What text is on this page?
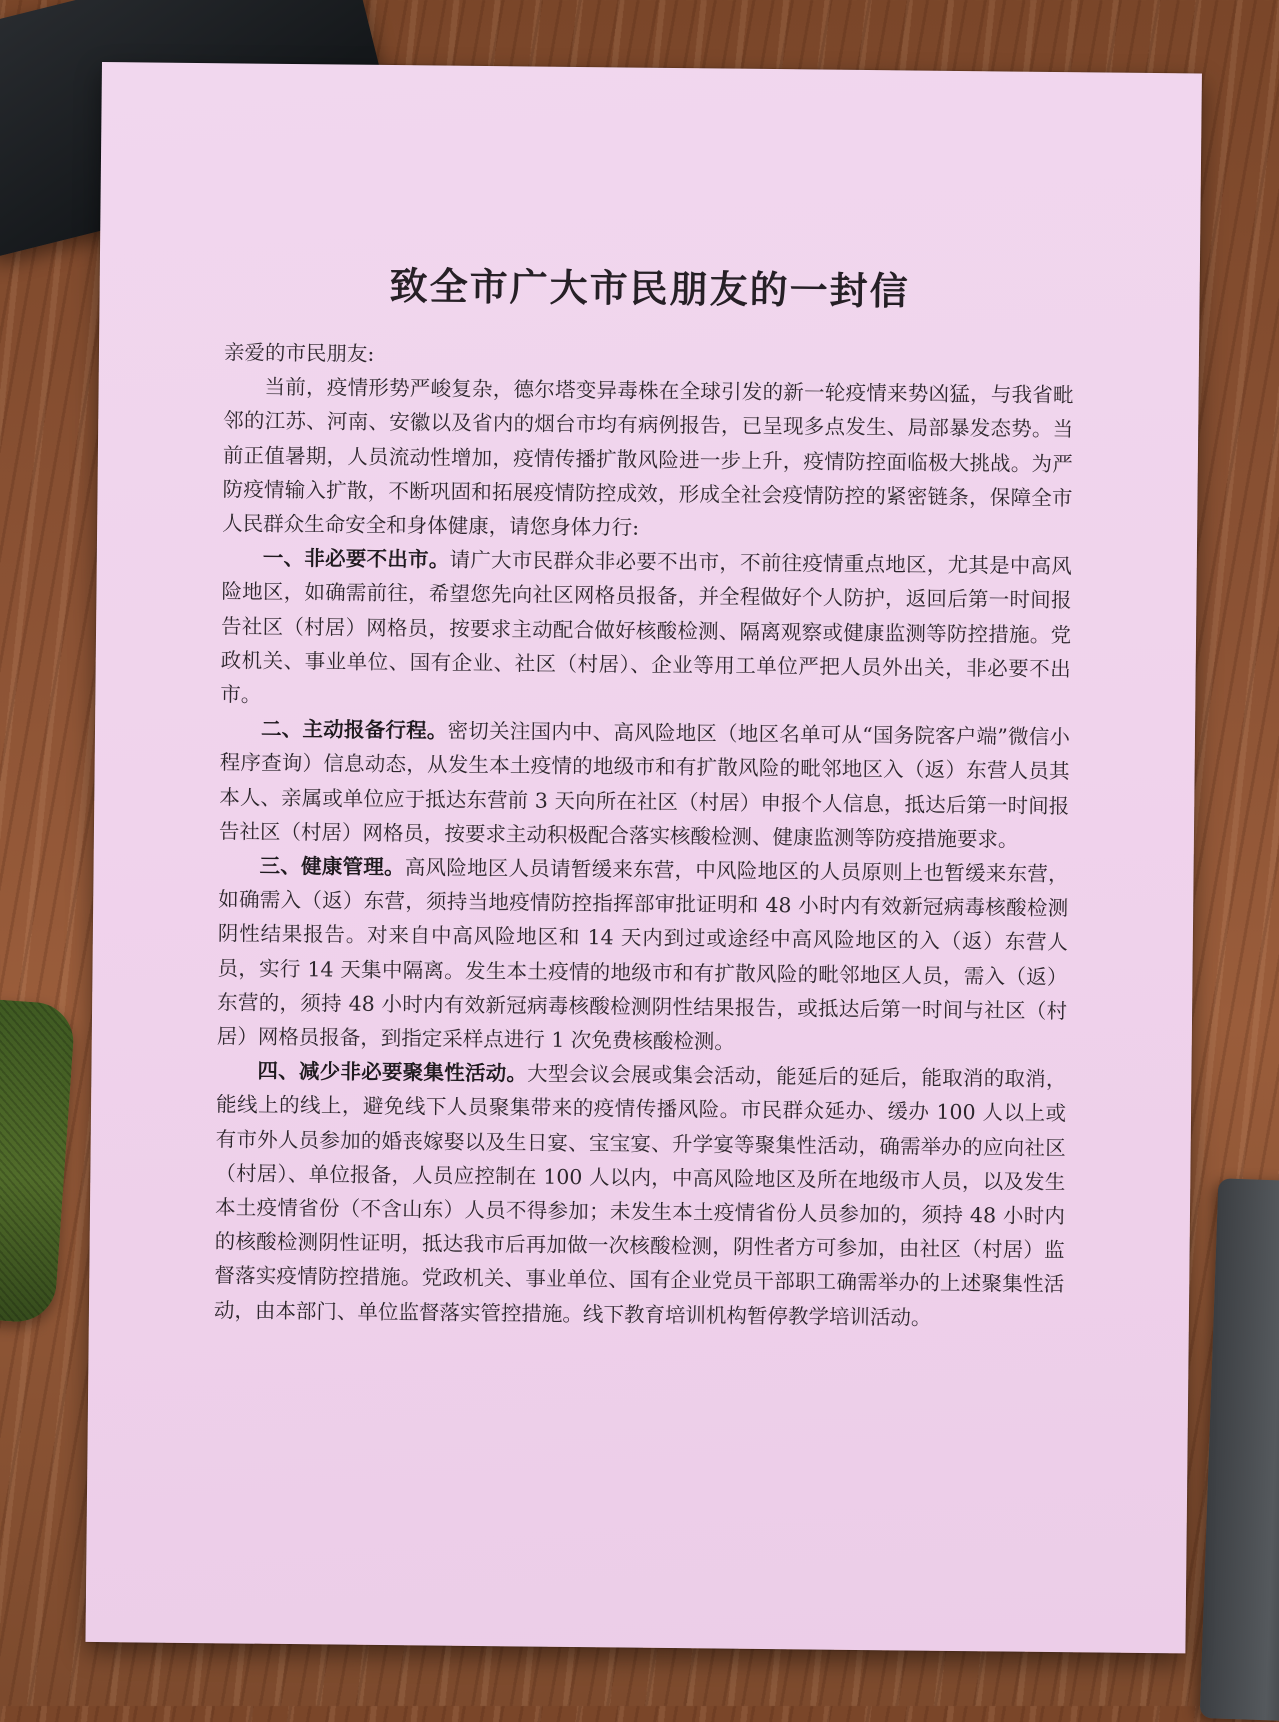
致全市广大市民朋友的一封信

亲爱的市民朋友:

当前，疫情形势严峻复杂，德尔塔变异毒株在全球引发的新一轮疫情来势凶猛，与我省毗邻的江苏、河南、安徽以及省内的烟台市均有病例报告，已呈现多点发生、局部暴发态势。当前正值暑期，人员流动性增加，疫情传播扩散风险进一步上升，疫情防控面临极大挑战。为严防疫情输入扩散，不断巩固和拓展疫情防控成效，形成全社会疫情防控的紧密链条，保障全市人民群众生命安全和身体健康，请您身体力行:

一、非必要不出市。请广大市民群众非必要不出市，不前往疫情重点地区，尤其是中高风险地区，如确需前往，希望您先向社区网格员报备，并全程做好个人防护，返回后第一时间报告社区（村居）网格员，按要求主动配合做好核酸检测、隔离观察或健康监测等防控措施。党政机关、事业单位、国有企业、社区（村居）、企业等用工单位严把人员外出关，非必要不出市。

二、主动报备行程。密切关注国内中、高风险地区（地区名单可从“国务院客户端”微信小程序查询）信息动态，从发生本土疫情的地级市和有扩散风险的毗邻地区入（返）东营人员其本人、亲属或单位应于抵达东营前 3 天向所在社区（村居）申报个人信息，抵达后第一时间报告社区（村居）网格员，按要求主动积极配合落实核酸检测、健康监测等防疫措施要求。

三、健康管理。高风险地区人员请暂缓来东营，中风险地区的人员原则上也暂缓来东营，如确需入（返）东营，须持当地疫情防控指挥部审批证明和 48 小时内有效新冠病毒核酸检测阴性结果报告。对来自中高风险地区和 14 天内到过或途经中高风险地区的入（返）东营人员，实行 14 天集中隔离。发生本土疫情的地级市和有扩散风险的毗邻地区人员，需入（返）东营的，须持 48 小时内有效新冠病毒核酸检测阴性结果报告，或抵达后第一时间与社区（村居）网格员报备，到指定采样点进行 1 次免费核酸检测。

四、减少非必要聚集性活动。大型会议会展或集会活动，能延后的延后，能取消的取消，能线上的线上，避免线下人员聚集带来的疫情传播风险。市民群众延办、缓办 100 人以上或有市外人员参加的婚丧嫁娶以及生日宴、宝宝宴、升学宴等聚集性活动，确需举办的应向社区（村居）、单位报备，人员应控制在 100 人以内，中高风险地区及所在地级市人员，以及发生本土疫情省份（不含山东）人员不得参加；未发生本土疫情省份人员参加的，须持 48 小时内的核酸检测阴性证明，抵达我市后再加做一次核酸检测，阴性者方可参加，由社区（村居）监督落实疫情防控措施。党政机关、事业单位、国有企业党员干部职工确需举办的上述聚集性活动，由本部门、单位监督落实管控措施。线下教育培训机构暂停教学培训活动。
